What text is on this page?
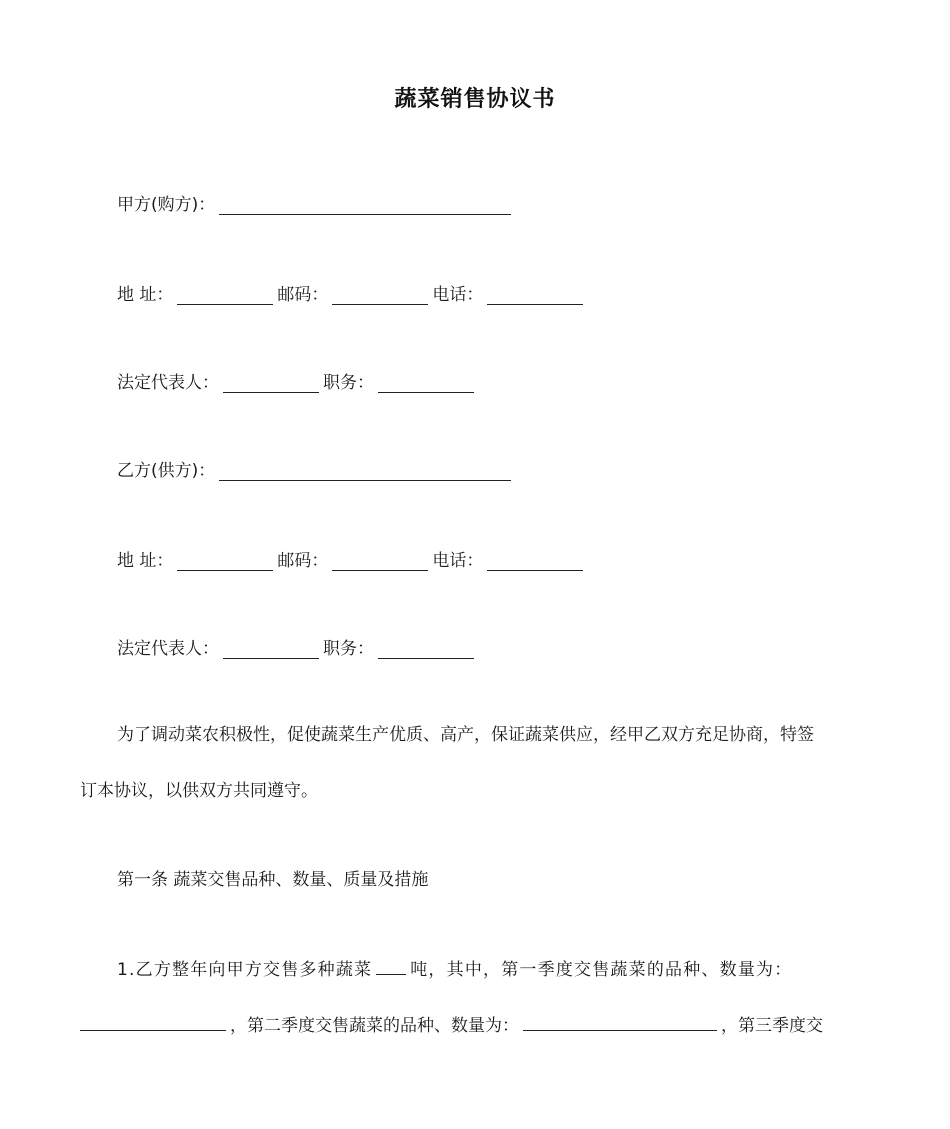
蔬菜销售协议书
甲方(购方)：
地 址：	邮码：	电话：
法定代表人：	职务：
乙方(供方)：
地 址：	邮码：	电话：
法定代表人：	职务：
为了调动菜农积极性，促使蔬菜生产优质、高产，保证蔬菜供应，经甲乙双方充足协商，特签
订本协议，以供双方共同遵守。
第一条 蔬菜交售品种、数量、质量及措施
1.乙方整年向甲方交售多种蔬菜 吨，其中，第一季度交售蔬菜的品种、数量为：
，第二季度交售蔬菜的品种、数量为：	，第三季度交
